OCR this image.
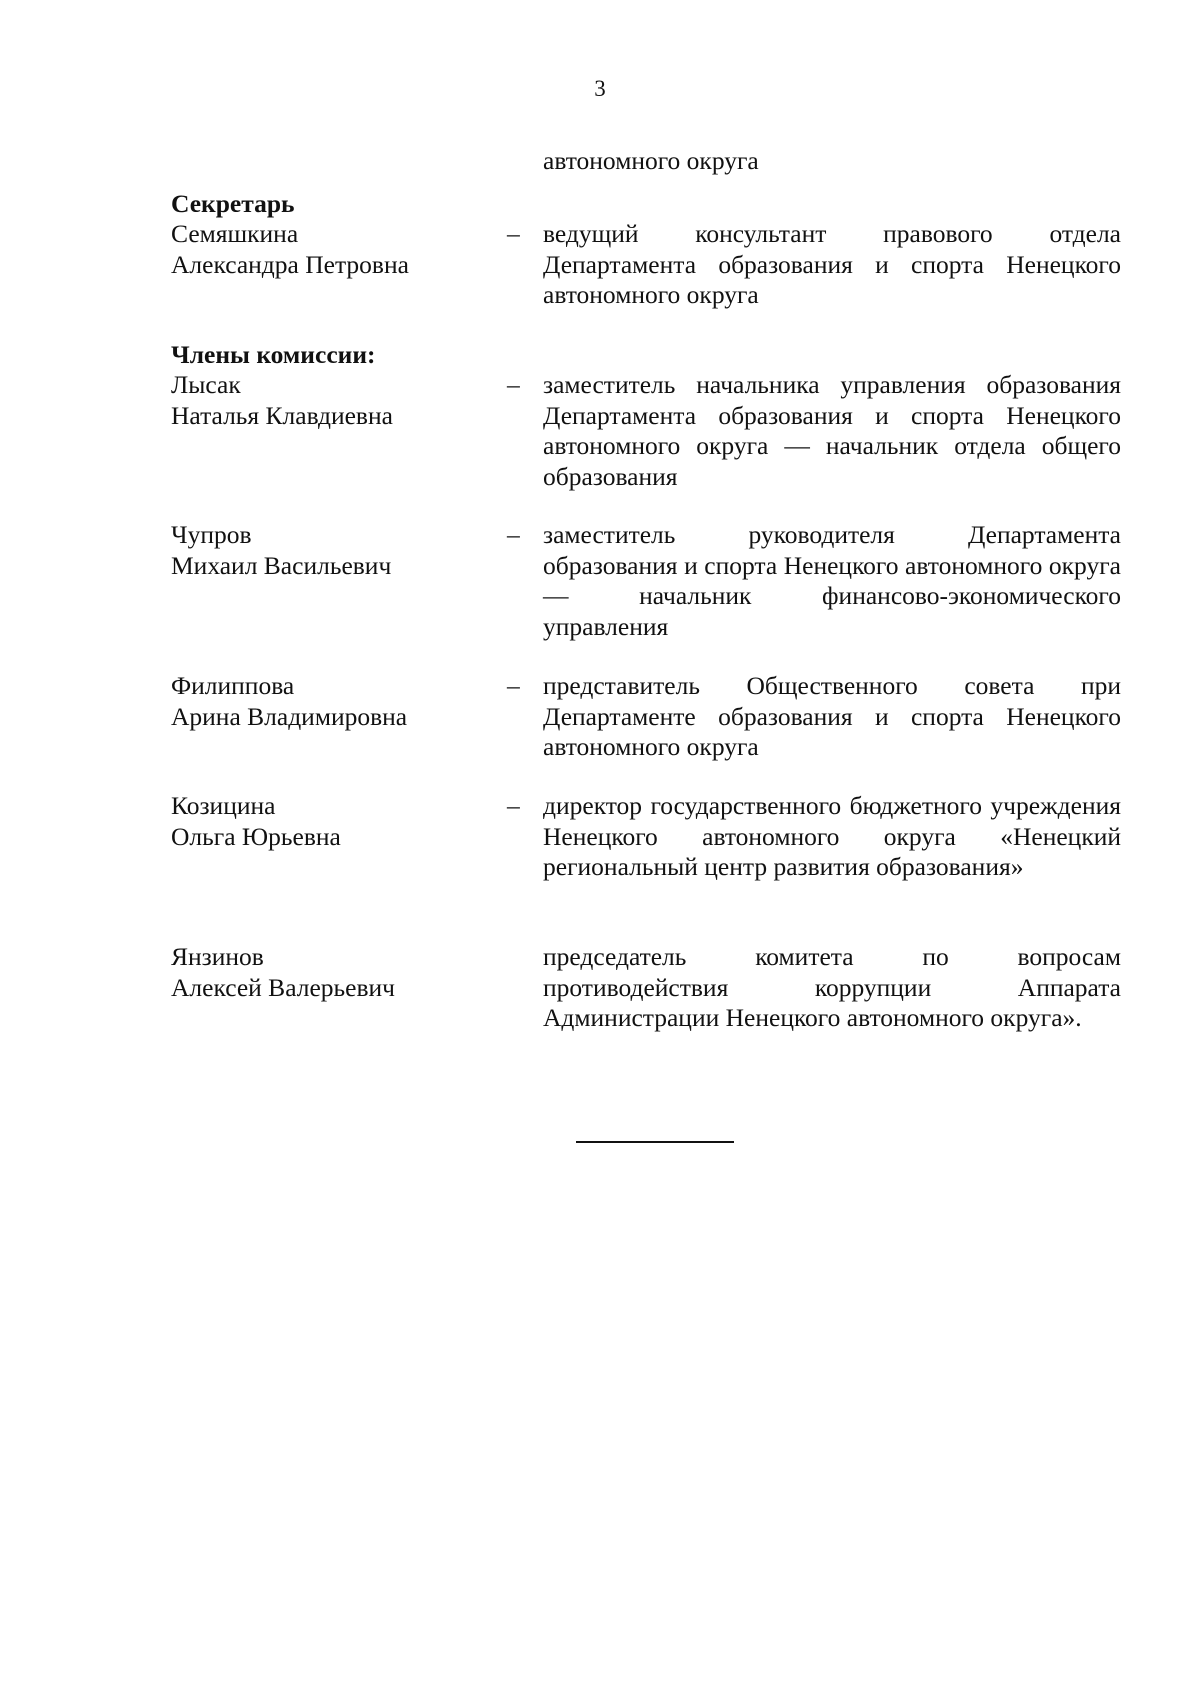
3
автономного округа
Секретарь
Семяшкина
Александра Петровна
– ведущий консультант правового отдела Департамента образования и спорта Ненецкого автономного округа
Члены комиссии:
Лысак
Наталья Клавдиевна
– заместитель начальника управления образования Департамента образования и спорта Ненецкого автономного округа — начальник отдела общего образования
Чупров
Михаил Васильевич
– заместитель руководителя Департамента образования и спорта Ненецкого автономного округа — начальник финансово-экономического управления
Филиппова
Арина Владимировна
– представитель Общественного совета при Департаменте образования и спорта Ненецкого автономного округа
Козицина
Ольга Юрьевна
– директор государственного бюджетного учреждения Ненецкого автономного округа «Ненецкий региональный центр развития образования»
Янзинов
Алексей Валерьевич
председатель комитета по вопросам противодействия коррупции Аппарата Администрации Ненецкого автономного округа».
